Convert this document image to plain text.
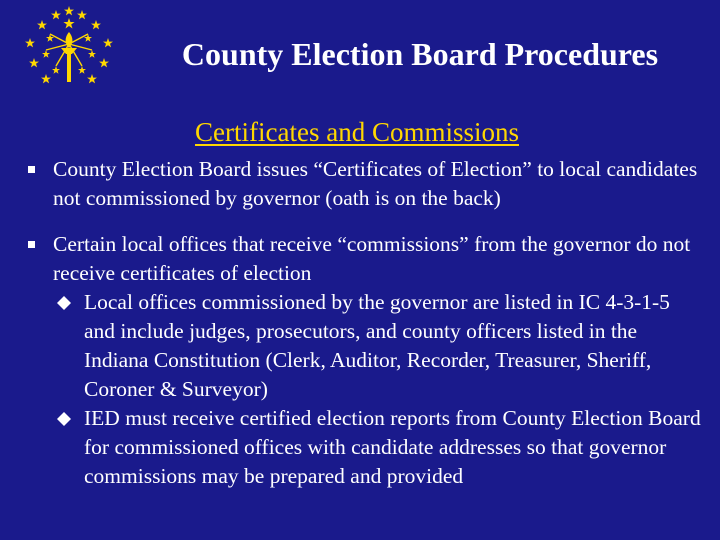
County Election Board Procedures
Certificates and Commissions
County Election Board issues “Certificates of Election” to local candidates not commissioned by governor (oath is on the back)
Certain local offices that receive “commissions” from the governor do not receive certificates of election
Local offices commissioned by the governor are listed in IC 4-3-1-5 and include judges, prosecutors, and county officers listed in the Indiana Constitution (Clerk, Auditor, Recorder, Treasurer, Sheriff, Coroner & Surveyor)
IED must receive certified election reports from County Election Board for commissioned offices with candidate addresses so that governor commissions may be prepared and provided
